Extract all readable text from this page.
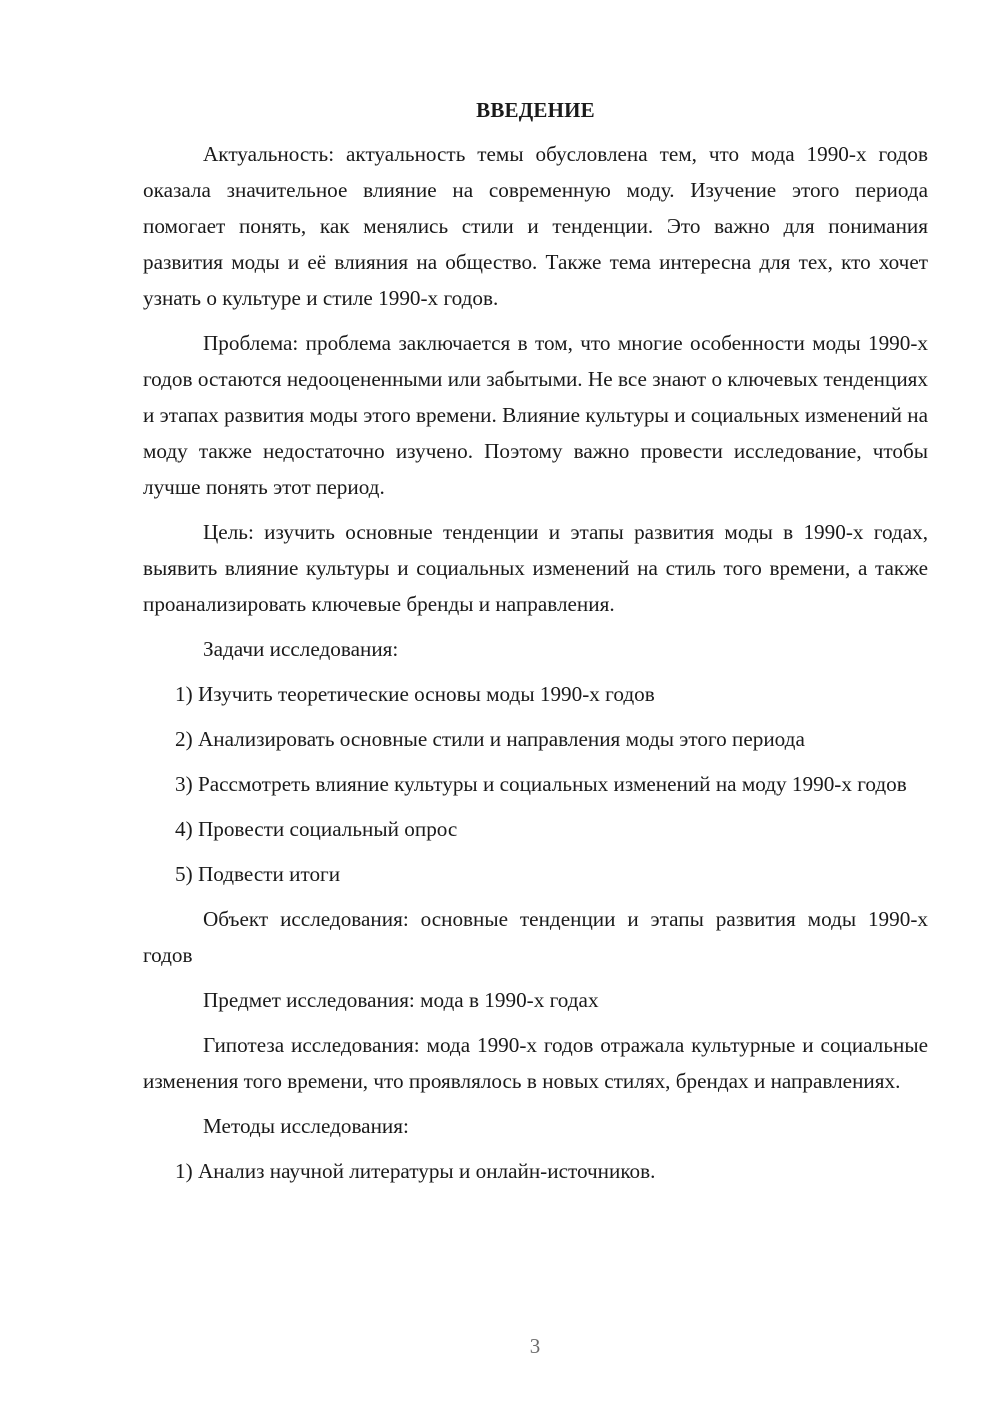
ВВЕДЕНИЕ

Актуальность: актуальность темы обусловлена тем, что мода 1990-х годов оказала значительное влияние на современную моду. Изучение этого периода помогает понять, как менялись стили и тенденции. Это важно для понимания развития моды и её влияния на общество. Также тема интересна для тех, кто хочет узнать о культуре и стиле 1990-х годов.

Проблема: проблема заключается в том, что многие особенности моды 1990-х годов остаются недооцененными или забытыми. Не все знают о ключевых тенденциях и этапах развития моды этого времени. Влияние культуры и социальных изменений на моду также недостаточно изучено. Поэтому важно провести исследование, чтобы лучше понять этот период.

Цель: изучить основные тенденции и этапы развития моды в 1990-х годах, выявить влияние культуры и социальных изменений на стиль того времени, а также проанализировать ключевые бренды и направления.

Задачи исследования:

1) Изучить теоретические основы моды 1990-х годов

2) Анализировать основные стили и направления моды этого периода

3) Рассмотреть влияние культуры и социальных изменений на моду 1990-х годов

4) Провести социальный опрос

5) Подвести итоги

Объект исследования: основные тенденции и этапы развития моды 1990-х годов

Предмет исследования: мода в 1990-х годах

Гипотеза исследования: мода 1990-х годов отражала культурные и социальные изменения того времени, что проявлялось в новых стилях, брендах и направлениях.

Методы исследования:

1) Анализ научной литературы и онлайн-источников.

3
